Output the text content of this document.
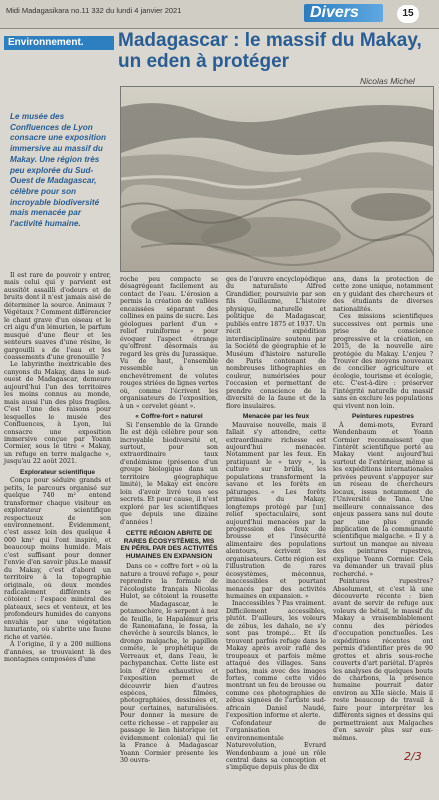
Midi Madagasikara no.11 332 du lundi 4 janvier 2021	Divers	15
Environnement.	Madagascar : le massif du Makay, un eden à protéger
Nicolas Michel
Le musée des Confluences de Lyon consacre une exposition immersive au massif du Makay. Une région très peu explorée du Sud-Ouest de Madagascar, célèbre pour son incroyable biodiversité mais menacée par l'activité humaine.

Il est rare de pouvoir y entrer, mais celui qui y parvient est aussitôt assailli d'odeurs et de bruits dont il n'est jamais aisé de déterminer la source. Animaux ? Végétaux ? Comment différencier le chant grave d'un oiseau et le cri aigu d'un lémurien, le parfum musqué d'une fleur et les senteurs suaves d'une résine, le gargouilli s de l'eau et les coassements d'une grenouille ?

Le labyrinthe inextricable des canyons du Makay, dans le sud-ouest de Madagascar, demeure aujourd'hui l'un des territoires les moins connus au monde, mais aussi l'un des plus fragiles. C'est l'une des raisons pour lesquelles le musée des Confluences, à Lyon, lui consacre une exposition immersive conçue par Yoann Cormier, sous le titre « Makay, un refuge en terre malgache », jusqu'au 22 août 2021.

Explorateur scientifique

Conçu pour séduire grands et petits, le parcours organisé sur quelque 740 m² entend transformer chaque visiteur en explorateur scientifique respectueux de son environnement. Évidemment, c'est assez loin des quelque 4 000 km² qui l'ont inspiré, et beaucoup moins humide. Mais c'est suffisant pour donner l'envie d'en savoir plus.Le massif du Makay, c'est d'abord un territoire à la topographie originale, où deux mondes radicalement différents se côtoient : l'espace minéral des plateaux, secs et venteux, et les profondeurs humides de canyons envahis par une végétation luxuriante, où s'abrite une faune riche et variée.

À l'origine, il y a 200 millions d'années, se trouvaient là des montagnes composées d'une

roche peu compacte se désagrégeant facilement au contact de l'eau. L'érosion a permis la création de vallées encaissées séparant des collines en pains de sucre. Les géologues parlent d'un « relief ruiniforme » pour évoquer l'aspect étrange qu'offrent désormais au regard les grès du Jurassique. Vu de haut, l'ensemble ressemble à un enchevêtrement de volutes rouges striées de lignes vertes où, comme l'écrivent les organisateurs de l'exposition, à un « cervelet géant ».

« Coffre-fort » naturel

Si l'ensemble de la Grande Île est déjà célèbre pour son incroyable biodiversité et, surtout, pour son extraordinaire taux d'endémisme (présence d'un groupe biologique dans un territoire géographique limité), le Makay est encore loin d'avoir livré tous ses secrets. Et pour cause, il n'est exploré par les scientifiques que depuis une dizaine d'années !

CETTE RÉGION ABRITE DE RARES ÉCOSYSTÈMES, MIS EN PÉRIL PAR DES ACTIVITÉS HUMAINES EN EXPANSION

Dans ce « coffre fort » où la nature a trouvé refuge », pour reprendre la formule de l'écologiste français Nicolas Hulot, se côtoient la rousette de Madagascar, le potamochère, le serpent à nez de feuille, le Hapalémur gris de Ranomafana, le fossa, la chevêche à sourcils blancs, le drongo malgache, le papillon comète, le prophétique de Verreaux et, dans l'eau, le pachypanchax. Cette liste est loin d'être exhaustive et l'exposition permet de découvrir bien d'autres espèces, filmées, photographiées, dessinées et, pour certaines, naturalisées. Pour donner la mesure de cette richesse – et rappeler au passage le lien historique (et évidemment colonial) qui lie la France à Madagascar Yoann Cormier présente les 30 ouvra-

ges de l'œuvre encyclopédique du naturaliste Alfred Grandidier, poursuivie par son fils Guillaume, L'histoire physique, naturelle et politique de Madagascar, publiés entre 1875 et 1937. Un récit expédition interdisciplinaire soutenu par la Société de géographie et le Muséum d'histoire naturelle de Paris contenant de nombreuses lithographies en couleur, numérisées pour l'occasion et permettant de prendre conscience de la diversité de la faune et de la flore insulaires.

Menacée par les feux

Mauvaise nouvelle, mais il fallait s'y attendre, cette extraordinaire richesse est aujourd'hui menacée. Notamment par les feux. En pratiquant le « tavy », la culture sur brûlis, les populations transforment la savane et les forêts en pâturages. « Les forêts primaires du Makay, longtemps protégé par [un] relief spectaculaire, sont aujourd'hui menacées par la progression des feux de brousse et l'insécurité alimentaire des populations alentours, écrivent les organisateurs. Cette région est l'illustration de rares écosystèmes, méconnus, inaccessibles et pourtant menacés par des activités humaines en expansion. »

Inaccessibles ? Pas vraiment. Difficilement accessibles, plutôt. D'ailleurs, les voleurs de zébus, les dahalo, ne s'y sont pas trompé… Et ils trouvent parfois refuge dans le Makay après avoir raflé des troupeaux et parfois même attaqué des villages. Sans pathos, mais avec des images fortes, comme cette vidéo montrant un feu de brousse ou comme ces photographies de zébus signées de l'artiste sud-africain Daniel Naudé, l'exposition informe et alerte.

Cofondateur de l'organisation environnementale Naturevolution, Evrard Wendenbaum a joué un rôle central dans sa conception et s'implique depuis plus de dix

ans, dans la protection de cette zone unique, notamment en y guidant des chercheurs et des étudiants de diverses nationalités.

Ces missions scientifiques successives ont permis une prise de conscience progressive et la création, en 2015, de la nouvelle aire protégée du Makay. L'enjeu ? Trouver des moyens nouveaux de concilier agriculture et écologie, tourisme et écologie, etc. C'est-à-dire : préserver l'intégrité naturelle du massif sans en exclure les populations qui vivent non loin.

Peintures rupestres

À demi-mots, Evrard Wendenbaum et Yoann Cormier reconnaissent que l'intérêt scientifique porté au Makay vient aujourd'hui surtout de l'extérieur, même si les expéditions internationales privées peuvent s'appuyer sur un réseau de chercheurs locaux, issus notamment de l'Université de Tana. Une meilleure connaissance des enjeux passera sans nul doute par une plus grande implication de la communauté scientifique malgache. « Il y a surtout un manque au niveau des peintures rupestres, explique Yoann Cormier. Cela va demander un travail plus recherché. »

Peintures rupestres? Absolument, et c'est là une découverte récente : bien avant de servir de refuge aux voleurs de bétail, le massif du Makay a vraisemblablement connu des périodes d'occupation ponctuelles. Les expéditions récentes ont permis d'identifier près de 90 grottes et abris sous-roche couverts d'art pariétal. D'après les analyses de quelques bouts de charbons, la présence humaine pourrait dater environ au XIIe siècle. Mais il reste beaucoup de travail à faire pour interpréter les différents signes et dessins qui permettraient aux Malgaches d'en savoir plus sur eux-mêmes.

2/3
